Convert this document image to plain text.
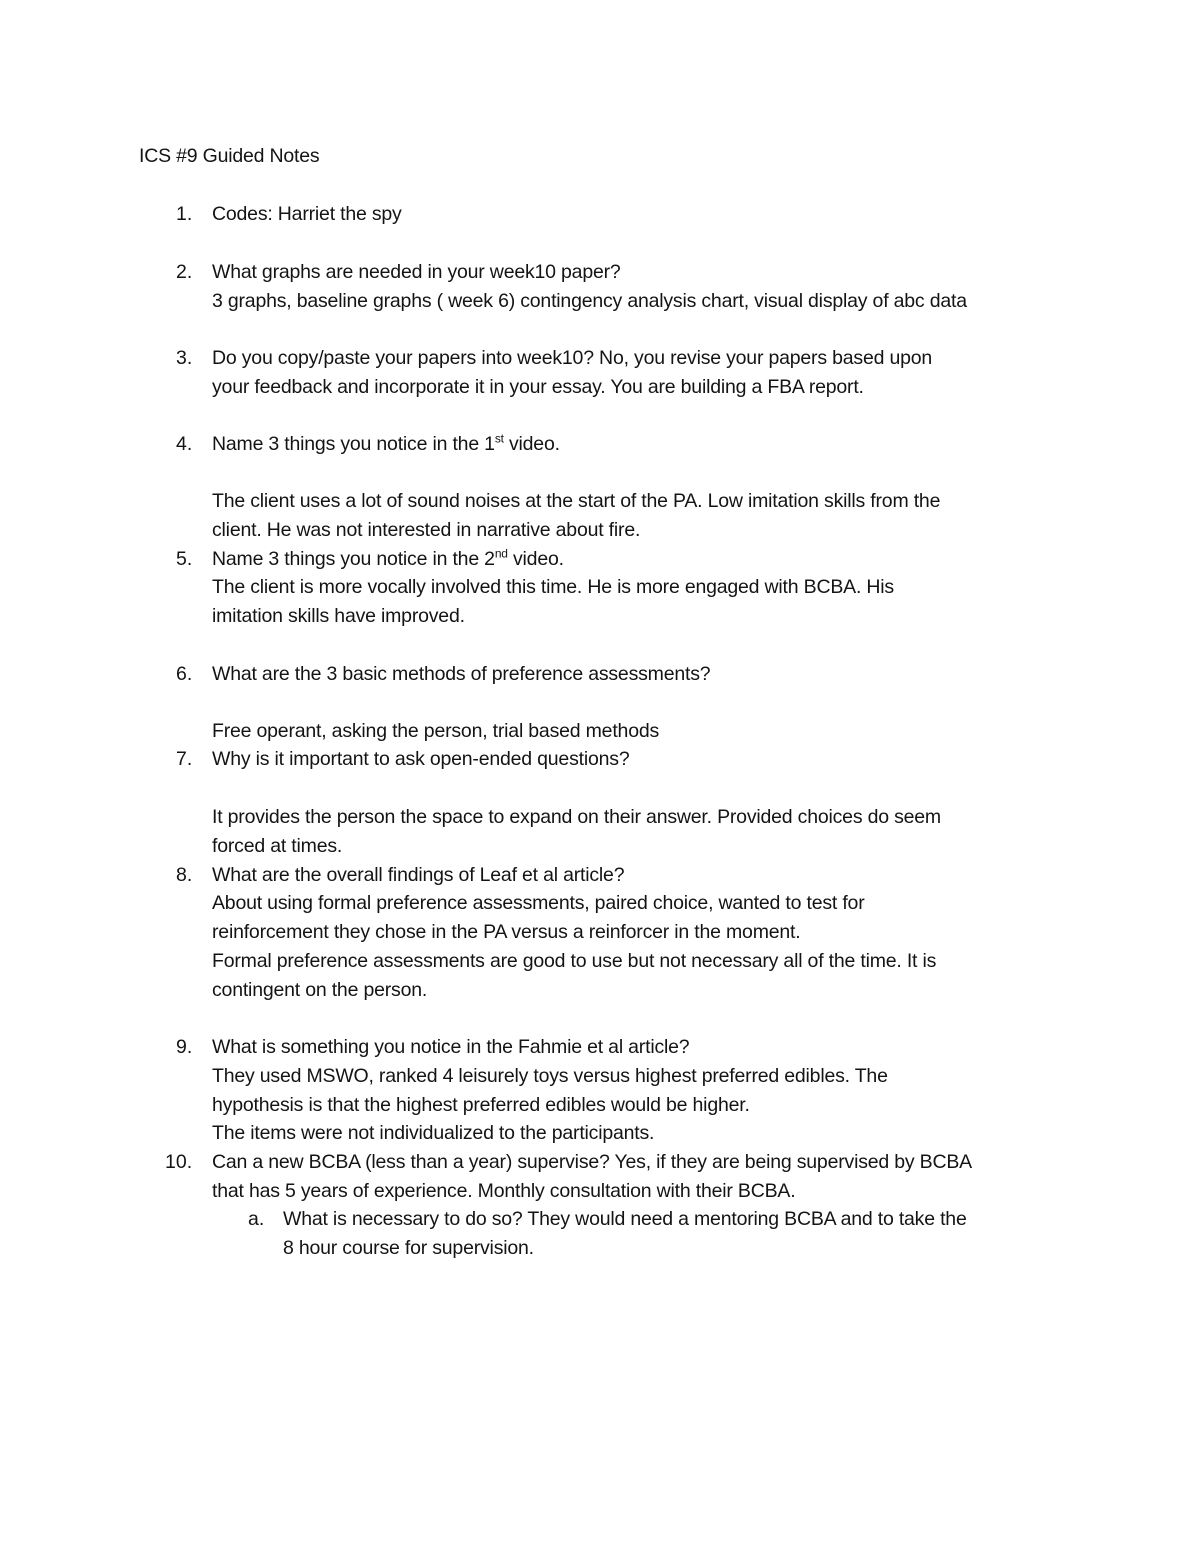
ICS #9 Guided Notes
1. Codes: Harriet the spy
2. What graphs are needed in your week10 paper?
3 graphs, baseline graphs ( week 6) contingency analysis chart, visual display of abc data
3. Do you copy/paste your papers into week10? No, you revise your papers based upon
your feedback and incorporate it in your essay. You are building a FBA report.
4. Name 3 things you notice in the 1st video.
The client uses a lot of sound noises at the start of the PA. Low imitation skills from the
client. He was not interested in narrative about fire.
5. Name 3 things you notice in the 2nd video.
The client is more vocally involved this time. He is more engaged with BCBA. His
imitation skills have improved.
6. What are the 3 basic methods of preference assessments?
Free operant, asking the person, trial based methods
7. Why is it important to ask open-ended questions?
It provides the person the space to expand on their answer. Provided choices do seem
forced at times.
8. What are the overall findings of Leaf et al article?
About using formal preference assessments, paired choice, wanted to test for
reinforcement they chose in the PA versus a reinforcer in the moment.
Formal preference assessments are good to use but not necessary all of the time. It is
contingent on the person.
9. What is something you notice in the Fahmie et al article?
They used MSWO, ranked 4 leisurely toys versus highest preferred edibles. The
hypothesis is that the highest preferred edibles would be higher.
The items were not individualized to the participants.
10. Can a new BCBA (less than a year) supervise? Yes, if they are being supervised by BCBA
that has 5 years of experience. Monthly consultation with their BCBA.
a. What is necessary to do so? They would need a mentoring BCBA and to take the
8 hour course for supervision.
